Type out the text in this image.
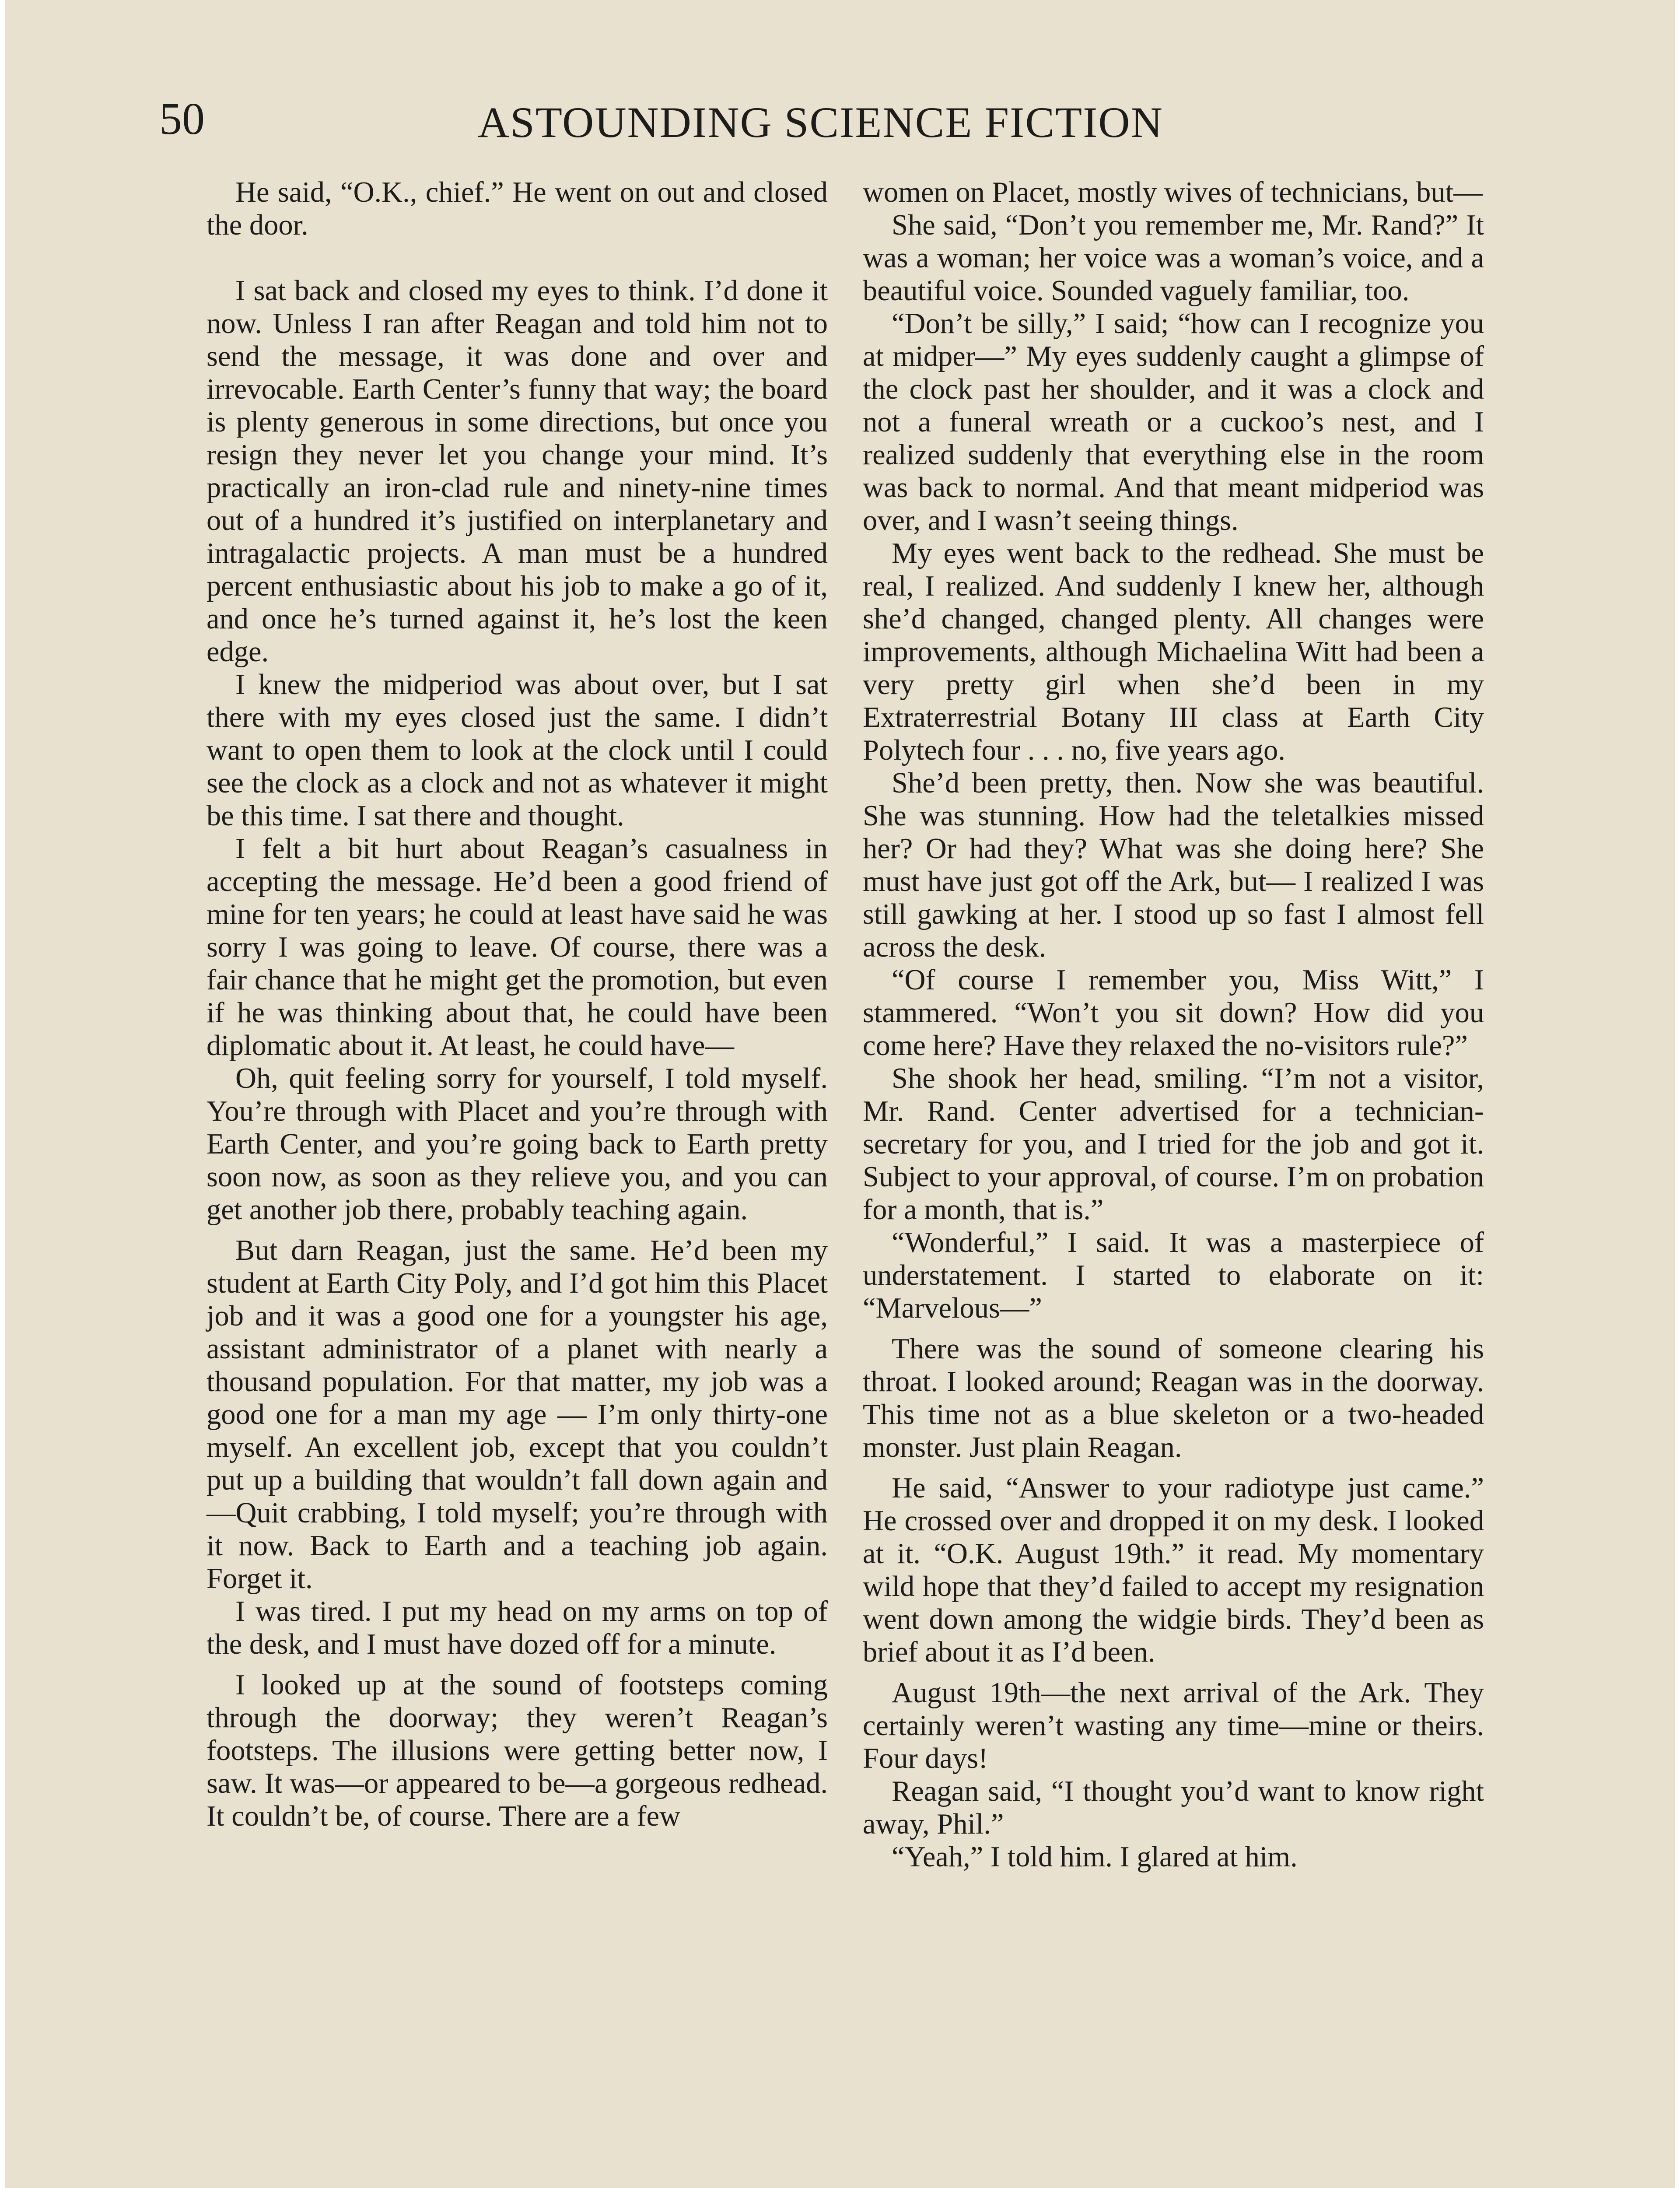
50	ASTOUNDING SCIENCE FICTION

He said, “O.K., chief.” He went on out and closed the door.

I sat back and closed my eyes to think. I’d done it now. Unless I ran after Reagan and told him not to send the message, it was done and over and irrevocable. Earth Center’s funny that way; the board is plenty generous in some directions, but once you resign they never let you change your mind. It’s practically an iron-clad rule and ninety-nine times out of a hundred it’s justified on interplanetary and intragalactic projects. A man must be a hundred percent enthusiastic about his job to make a go of it, and once he’s turned against it, he’s lost the keen edge.

I knew the midperiod was about over, but I sat there with my eyes closed just the same. I didn’t want to open them to look at the clock until I could see the clock as a clock and not as whatever it might be this time. I sat there and thought.

I felt a bit hurt about Reagan’s casualness in accepting the message. He’d been a good friend of mine for ten years; he could at least have said he was sorry I was going to leave. Of course, there was a fair chance that he might get the promotion, but even if he was thinking about that, he could have been diplomatic about it. At least, he could have—

Oh, quit feeling sorry for yourself, I told myself. You’re through with Placet and you’re through with Earth Center, and you’re going back to Earth pretty soon now, as soon as they relieve you, and you can get another job there, probably teaching again.

But darn Reagan, just the same. He’d been my student at Earth City Poly, and I’d got him this Placet job and it was a good one for a youngster his age, assistant administrator of a planet with nearly a thousand population. For that matter, my job was a good one for a man my age — I’m only thirty-one myself. An excellent job, except that you couldn’t put up a building that wouldn’t fall down again and—Quit crabbing, I told myself; you’re through with it now. Back to Earth and a teaching job again. Forget it.

I was tired. I put my head on my arms on top of the desk, and I must have dozed off for a minute.

I looked up at the sound of footsteps coming through the doorway; they weren’t Reagan’s footsteps. The illusions were getting better now, I saw. It was—or appeared to be—a gorgeous redhead. It couldn’t be, of course. There are a few

women on Placet, mostly wives of technicians, but—

She said, “Don’t you remember me, Mr. Rand?” It was a woman; her voice was a woman’s voice, and a beautiful voice. Sounded vaguely familiar, too.

“Don’t be silly,” I said; “how can I recognize you at midper—” My eyes suddenly caught a glimpse of the clock past her shoulder, and it was a clock and not a funeral wreath or a cuckoo’s nest, and I realized suddenly that everything else in the room was back to normal. And that meant midperiod was over, and I wasn’t seeing things.

My eyes went back to the redhead. She must be real, I realized. And suddenly I knew her, although she’d changed, changed plenty. All changes were improvements, although Michaelina Witt had been a very pretty girl when she’d been in my Extraterrestrial Botany III class at Earth City Polytech four . . . no, five years ago.

She’d been pretty, then. Now she was beautiful. She was stunning. How had the teletalkies missed her? Or had they? What was she doing here? She must have just got off the Ark, but— I realized I was still gawking at her. I stood up so fast I almost fell across the desk.

“Of course I remember you, Miss Witt,” I stammered. “Won’t you sit down? How did you come here? Have they relaxed the no-visitors rule?”

She shook her head, smiling. “I’m not a visitor, Mr. Rand. Center advertised for a technician-secretary for you, and I tried for the job and got it. Subject to your approval, of course. I’m on probation for a month, that is.”

“Wonderful,” I said. It was a masterpiece of understatement. I started to elaborate on it: “Marvelous—”

There was the sound of someone clearing his throat. I looked around; Reagan was in the doorway. This time not as a blue skeleton or a two-headed monster. Just plain Reagan.

He said, “Answer to your radiotype just came.” He crossed over and dropped it on my desk. I looked at it. “O.K. August 19th.” it read. My momentary wild hope that they’d failed to accept my resignation went down among the widgie birds. They’d been as brief about it as I’d been.

August 19th—the next arrival of the Ark. They certainly weren’t wasting any time—mine or theirs. Four days!

Reagan said, “I thought you’d want to know right away, Phil.”

“Yeah,” I told him. I glared at him.
